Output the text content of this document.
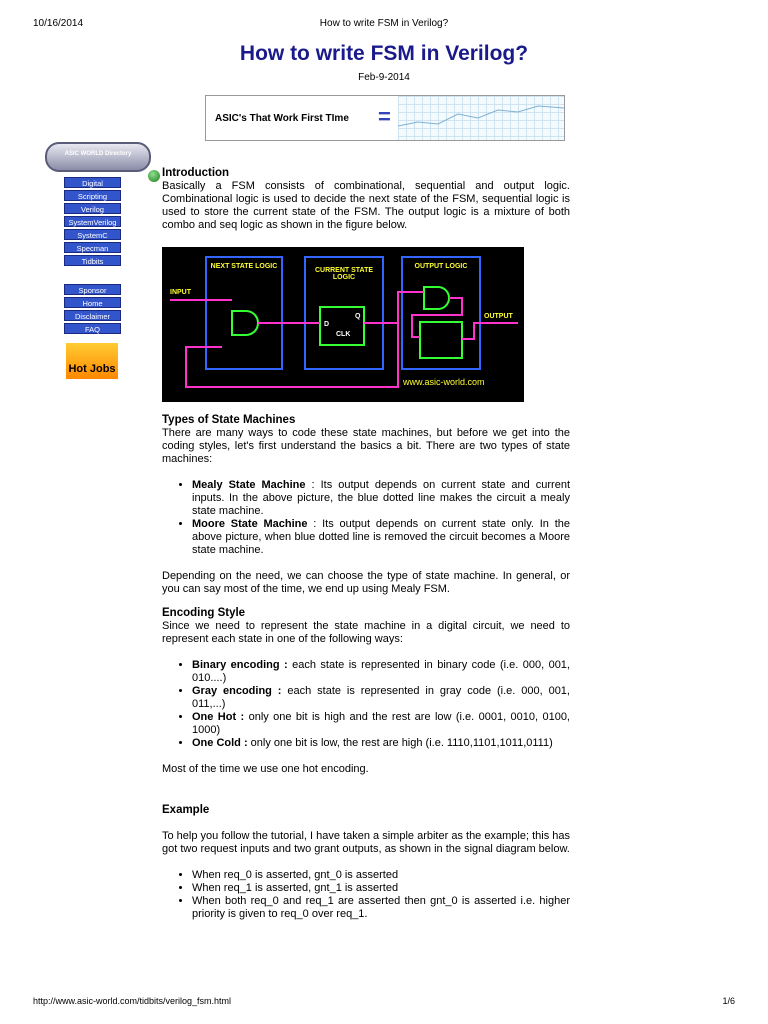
10/16/2014	How to write FSM in Verilog?
How to write FSM in Verilog?
Feb-9-2014
ASIC's That Work First TIme =
ASIC WORLD Directory
Digital
Scripting
Verilog
SystemVerilog
SystemC
Specman
Tidbits
Sponsor
Home
Disclaimer
FAQ
Hot Jobs
Introduction
Basically a FSM consists of combinational, sequential and output logic. Combinational logic is used to decide the next state of the FSM, sequential logic is used to store the current state of the FSM. The output logic is a mixture of both combo and seq logic as shown in the figure below.
NEXT STATE LOGIC
CURRENT STATE LOGIC
OUTPUT LOGIC
INPUT
OUTPUT
D
Q
CLK
www.asic-world.com
Types of State Machines
There are many ways to code these state machines, but before we get into the coding styles, let's first understand the basics a bit. There are two types of state machines:
• Mealy State Machine : Its output depends on current state and current inputs. In the above picture, the blue dotted line makes the circuit a mealy state machine.
• Moore State Machine : Its output depends on current state only. In the above picture, when blue dotted line is removed the circuit becomes a Moore state machine.
Depending on the need, we can choose the type of state machine. In general, or you can say most of the time, we end up using Mealy FSM.
Encoding Style
Since we need to represent the state machine in a digital circuit, we need to represent each state in one of the following ways:
• Binary encoding : each state is represented in binary code (i.e. 000, 001, 010....)
• Gray encoding : each state is represented in gray code (i.e. 000, 001, 011,...)
• One Hot : only one bit is high and the rest are low (i.e. 0001, 0010, 0100, 1000)
• One Cold : only one bit is low, the rest are high (i.e. 1110,1101,1011,0111)
Most of the time we use one hot encoding.
Example
To help you follow the tutorial, I have taken a simple arbiter as the example; this has got two request inputs and two grant outputs, as shown in the signal diagram below.
• When req_0 is asserted, gnt_0 is asserted
• When req_1 is asserted, gnt_1 is asserted
• When both req_0 and req_1 are asserted then gnt_0 is asserted i.e. higher priority is given to req_0 over req_1.
http://www.asic-world.com/tidbits/verilog_fsm.html	1/6
